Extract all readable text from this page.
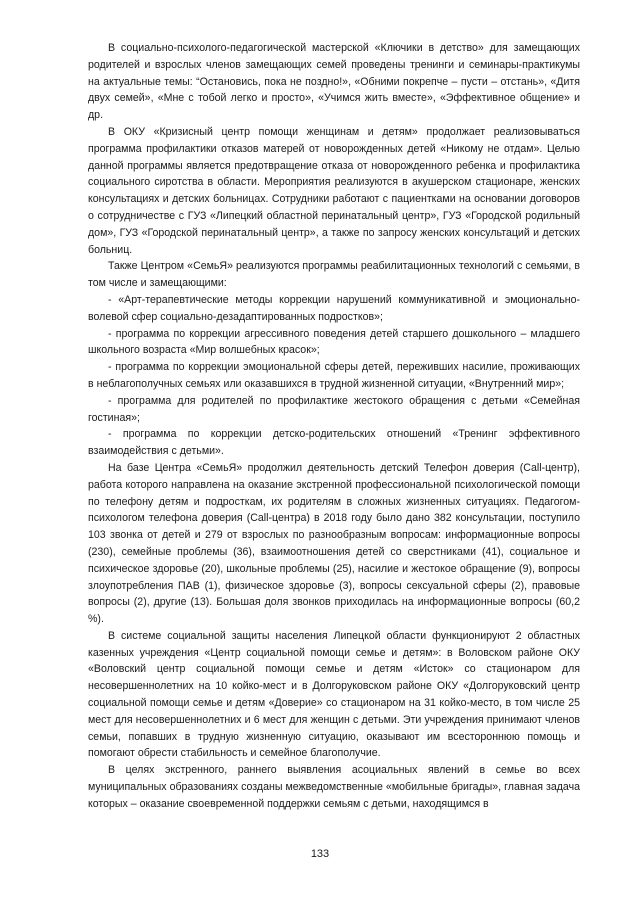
В социально-психолого-педагогической мастерской «Ключики в детство» для замещающих родителей и взрослых членов замещающих семей проведены тренинги и семинары-практикумы на актуальные темы: “Остановись, пока не поздно!», «Обними покрепче – пусти – отстань», «Дитя двух семей», «Мне с тобой легко и просто», «Учимся жить вместе», «Эффективное общение» и др.

В ОКУ «Кризисный центр помощи женщинам и детям» продолжает реализовываться программа профилактики отказов матерей от новорожденных детей «Никому не отдам». Целью данной программы является предотвращение отказа от новорожденного ребенка и профилактика социального сиротства в области. Мероприятия реализуются в акушерском стационаре, женских консультациях и детских больницах. Сотрудники работают с пациентками на основании договоров о сотрудничестве с ГУЗ «Липецкий областной перинатальный центр», ГУЗ «Городской родильный дом», ГУЗ «Городской перинатальный центр», а также по запросу женских консультаций и детских больниц.

Также Центром «СемьЯ» реализуются программы реабилитационных технологий с семьями, в том числе и замещающими:

- «Арт-терапевтические методы коррекции нарушений коммуникативной и эмоционально-волевой сфер социально-дезадаптированных подростков»;

- программа по коррекции агрессивного поведения детей старшего дошкольного – младшего школьного возраста «Мир волшебных красок»;

- программа по коррекции эмоциональной сферы детей, переживших насилие, проживающих в неблагополучных семьях или оказавшихся в трудной жизненной ситуации, «Внутренний мир»;

- программа для родителей по профилактике жестокого обращения с детьми «Семейная гостиная»;

- программа по коррекции детско-родительских отношений «Тренинг эффективного взаимодействия с детьми».

На базе Центра «СемьЯ» продолжил деятельность детский Телефон доверия (Call-центр), работа которого направлена на оказание экстренной профессиональной психологической помощи по телефону детям и подросткам, их родителям в сложных жизненных ситуациях. Педагогом-психологом телефона доверия (Call-центра) в 2018 году было дано 382 консультации, поступило 103 звонка от детей и 279 от взрослых по разнообразным вопросам: информационные вопросы (230), семейные проблемы (36), взаимоотношения детей со сверстниками (41), социальное и психическое здоровье (20), школьные проблемы (25), насилие и жестокое обращение (9), вопросы злоупотребления ПАВ (1), физическое здоровье (3), вопросы сексуальной сферы (2), правовые вопросы (2), другие (13). Большая доля звонков приходилась на информационные вопросы (60,2 %).

В системе социальной защиты населения Липецкой области функционируют 2 областных казенных учреждения «Центр социальной помощи семье и детям»: в Воловском районе ОКУ «Воловский центр социальной помощи семье и детям «Исток» со стационаром для несовершеннолетних на 10 койко-мест и в Долгоруковском районе ОКУ «Долгоруковский центр социальной помощи семье и детям «Доверие» со стационаром на 31 койко-место, в том числе 25 мест для несовершеннолетних и 6 мест для женщин с детьми. Эти учреждения принимают членов семьи, попавших в трудную жизненную ситуацию, оказывают им всестороннюю помощь и помогают обрести стабильность и семейное благополучие.

В целях экстренного, раннего выявления асоциальных явлений в семье во всех муниципальных образованиях созданы межведомственные «мобильные бригады», главная задача которых – оказание своевременной поддержки семьям с детьми, находящимся в

133
